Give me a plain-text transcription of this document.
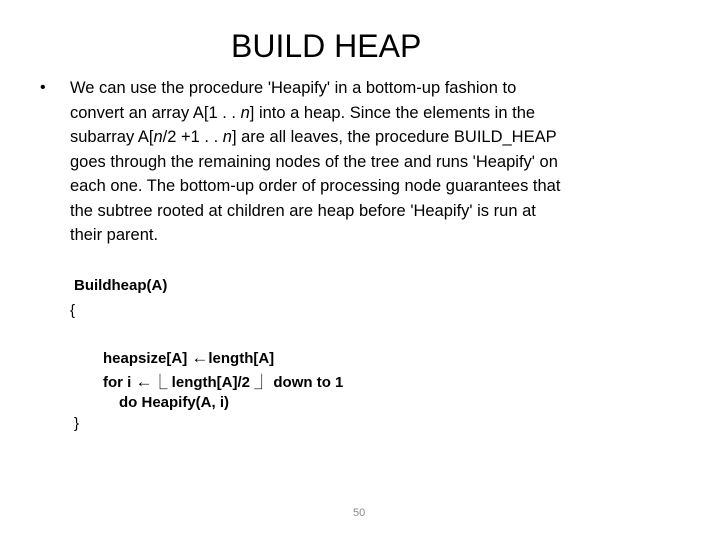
BUILD HEAP
• We can use the procedure 'Heapify' in a bottom-up fashion to
convert an array A[1 . . n] into a heap. Since the elements in the
subarray A[n/2 +1 . . n] are all leaves, the procedure BUILD_HEAP
goes through the remaining nodes of the tree and runs 'Heapify' on
each one. The bottom-up order of processing node guarantees that
the subtree rooted at children are heap before 'Heapify' is run at
their parent.
Buildheap(A)
{
heapsize[A] ←length[A]
for i ←⎿ length[A]/2 ⏌ down to 1
do Heapify(A, i)
}
50
